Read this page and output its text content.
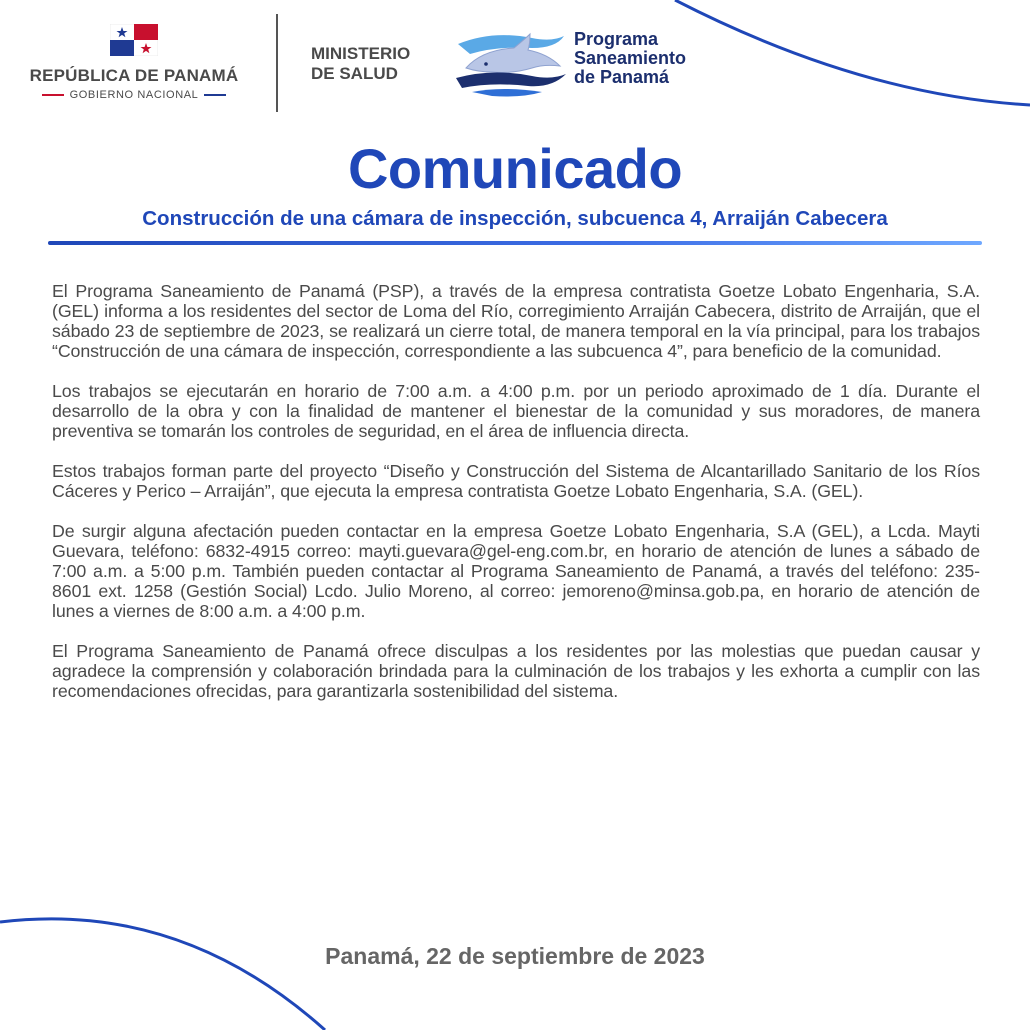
REPÚBLICA DE PANAMÁ
GOBIERNO NACIONAL
MINISTERIO
DE SALUD
Programa
Saneamiento
de Panamá
Comunicado
Construcción de una cámara de inspección, subcuenca 4, Arraiján Cabecera

El Programa Saneamiento de Panamá (PSP), a través de la empresa contratista Goetze Lobato Engenharia, S.A. (GEL) informa a los residentes del sector de Loma del Río, corregimiento Arraiján Cabecera, distrito de Arraiján, que el sábado 23 de septiembre de 2023, se realizará un cierre total, de manera temporal en la vía principal, para los trabajos “Construcción de una cámara de inspección, correspondiente a las subcuenca 4”, para beneficio de la comunidad.

Los trabajos se ejecutarán en horario de 7:00 a.m. a 4:00 p.m. por un periodo aproximado de 1 día. Durante el desarrollo de la obra y con la finalidad de mantener el bienestar de la comunidad y sus moradores, de manera preventiva se tomarán los controles de seguridad, en el área de influencia directa.

Estos trabajos forman parte del proyecto “Diseño y Construcción del Sistema de Alcantarillado Sanitario de los Ríos Cáceres y Perico – Arraiján”, que ejecuta la empresa contratista Goetze Lobato Engenharia, S.A. (GEL).

De surgir alguna afectación pueden contactar en la empresa Goetze Lobato Engenharia, S.A (GEL), a Lcda. Mayti Guevara, teléfono: 6832-4915 correo: mayti.guevara@gel-eng.com.br, en horario de atención de lunes a sábado de 7:00 a.m. a 5:00 p.m. También pueden contactar al Programa Saneamiento de Panamá, a través del teléfono: 235-8601 ext. 1258 (Gestión Social) Lcdo. Julio Moreno, al correo: jemoreno@minsa.gob.pa, en horario de atención de lunes a viernes de 8:00 a.m. a 4:00 p.m.

El Programa Saneamiento de Panamá ofrece disculpas a los residentes por las molestias que puedan causar y agradece la comprensión y colaboración brindada para la culminación de los trabajos y les exhorta a cumplir con las recomendaciones ofrecidas, para garantizarla sostenibilidad del sistema.

Panamá, 22 de septiembre de 2023
